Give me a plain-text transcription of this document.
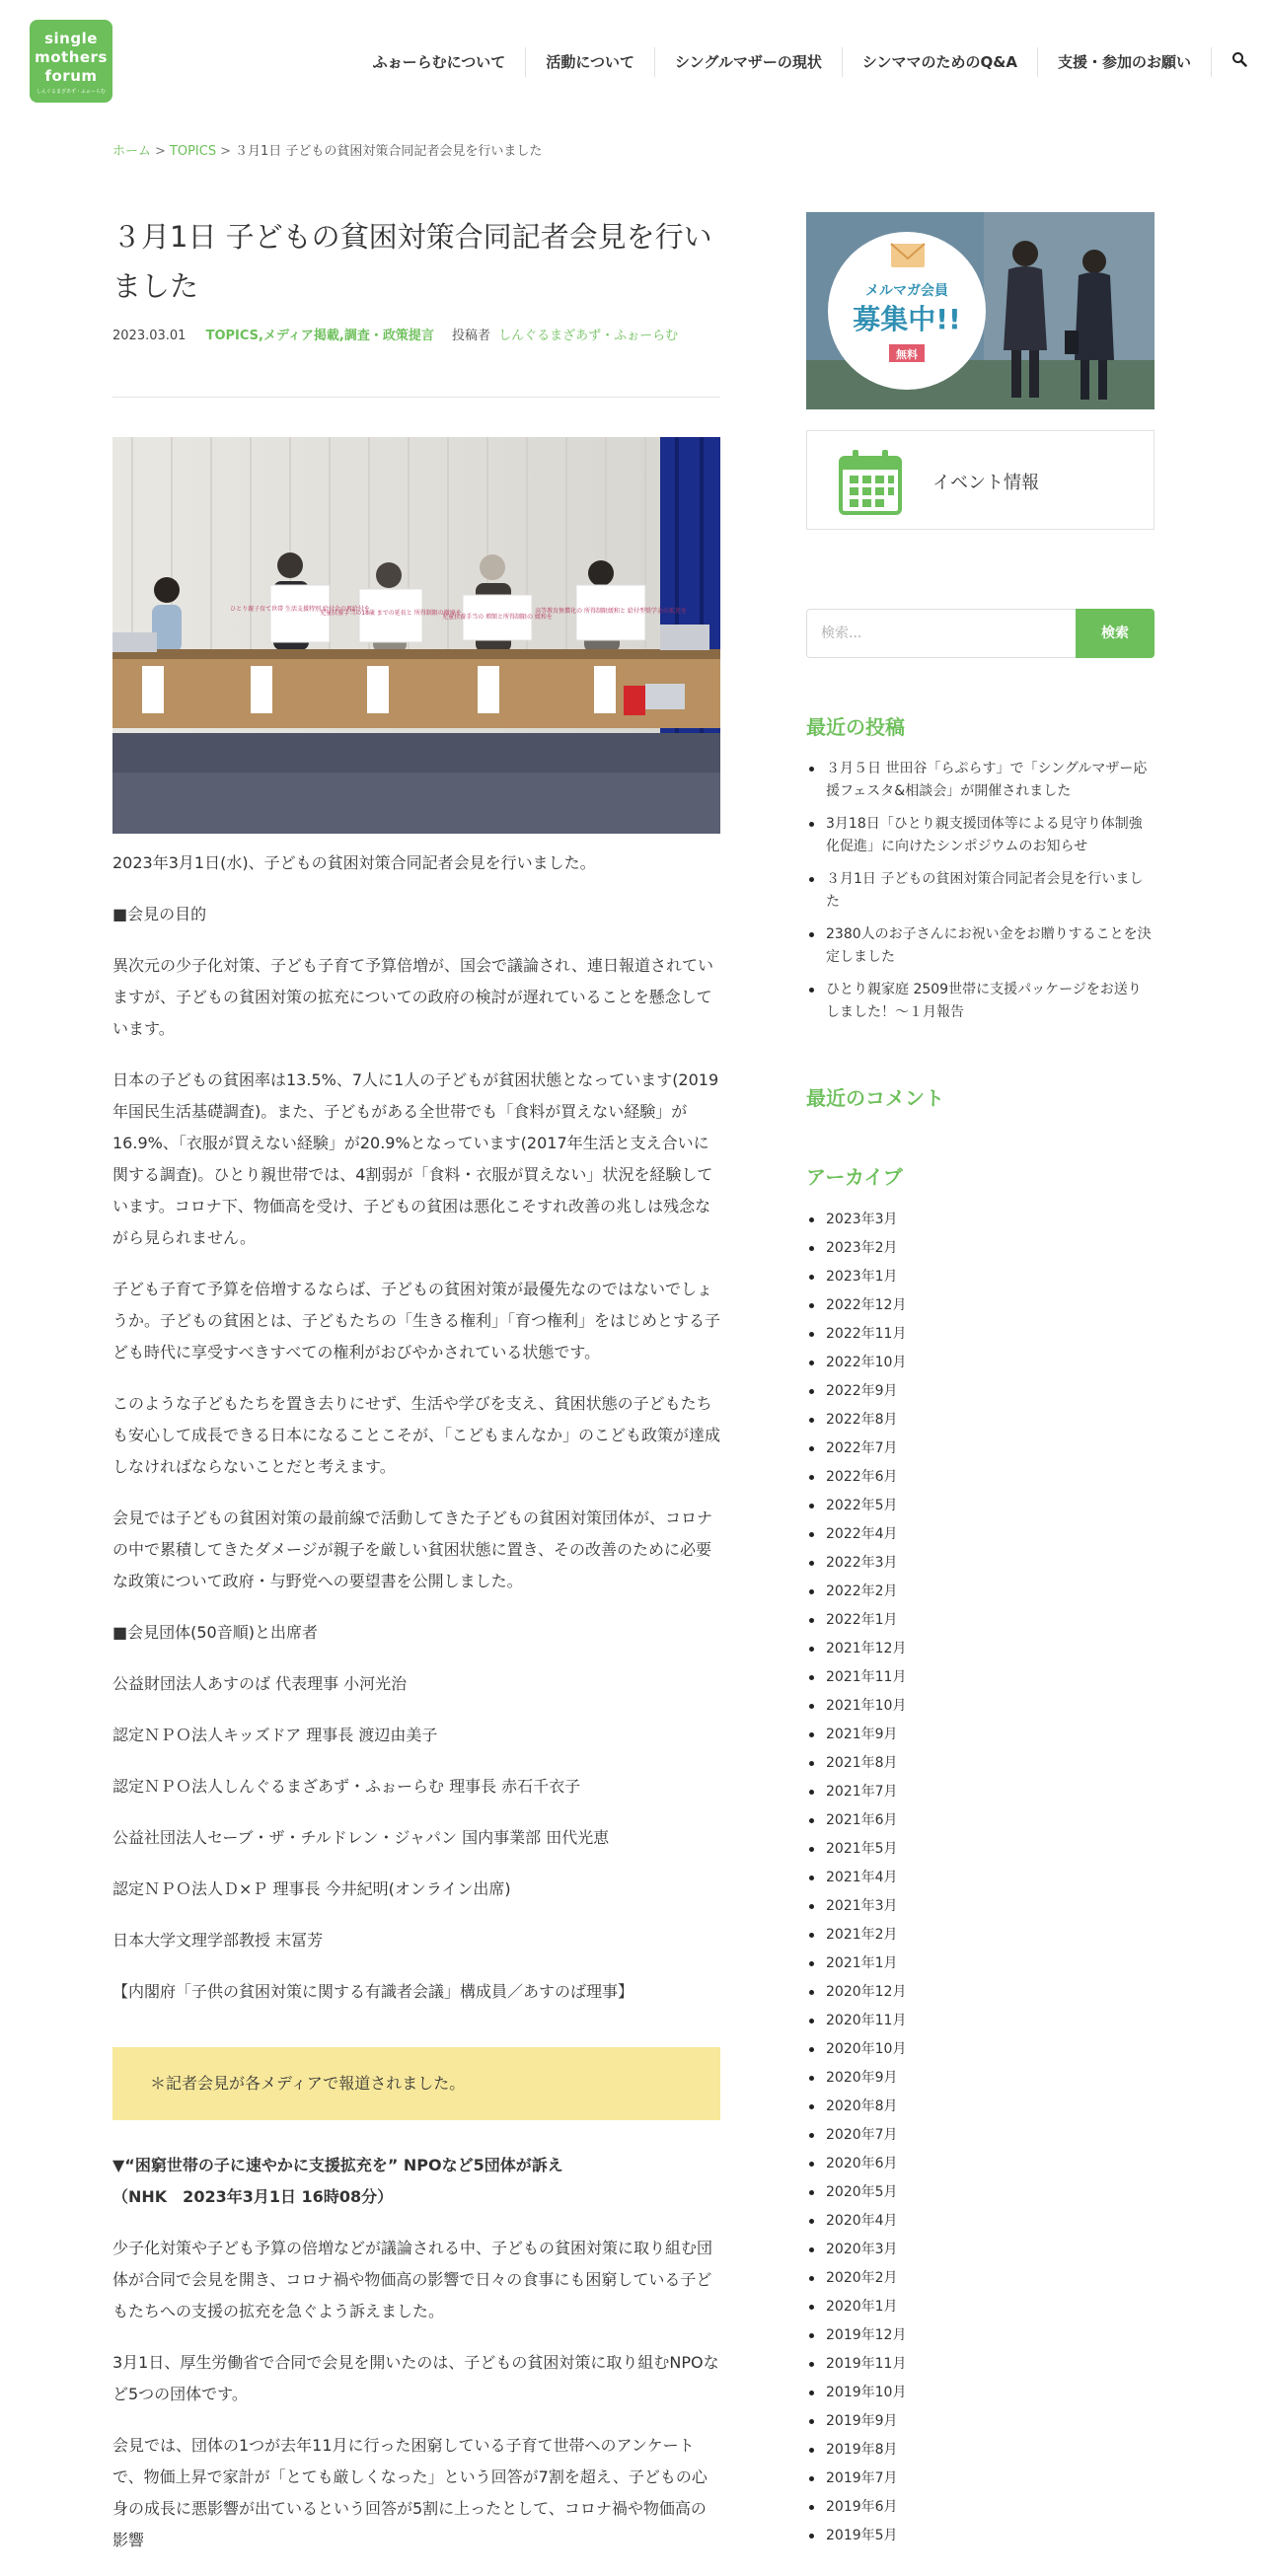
single
mothers
forum
しんぐるまざあず・ふぉーらむ
ふぉーらむについて	活動について	シングルマザーの現状	シンママのためのQ&A	支援・参加のお願い
ホーム > TOPICS > ３月1日 子どもの貧困対策合同記者会見を行いました
３月1日 子どもの貧困対策合同記者会見を行いました
2023.03.01 TOPICS,メディア掲載,調査・政策提言 投稿者 しんぐるまざあず・ふぉーらむ
ひとり親子育て世帯 生活支援特別 給付金の再給付を
児童扶養手当の18歳 までの延長と 所得制限の撤廃を
児童扶養手当の 増額と所得制限の 緩和を
高等教育無償化の 所得制限緩和と 給付型奨学金の拡充を

2023年3月1日(水)、子どもの貧困対策合同記者会見を行いました。

■会見の目的

異次元の少子化対策、子ども子育て予算倍増が、国会で議論され、連日報道されていますが、子どもの貧困対策の拡充についての政府の検討が遅れていることを懸念しています。

日本の子どもの貧困率は13.5%、7人に1人の子どもが貧困状態となっています(2019年国民生活基礎調査)。また、子どもがある全世帯でも「食料が買えない経験」が16.9%、「衣服が買えない経験」が20.9%となっています(2017年生活と支え合いに関する調査)。ひとり親世帯では、4割弱が「食料・衣服が買えない」状況を経験しています。コロナ下、物価高を受け、子どもの貧困は悪化こそすれ改善の兆しは残念ながら見られません。

子ども子育て予算を倍増するならば、子どもの貧困対策が最優先なのではないでしょうか。子どもの貧困とは、子どもたちの「生きる権利」「育つ権利」をはじめとする子ども時代に享受すべきすべての権利がおびやかされている状態です。

このような子どもたちを置き去りにせず、生活や学びを支え、貧困状態の子どもたちも安心して成長できる日本になることこそが、「こどもまんなか」のこども政策が達成しなければならないことだと考えます。

会見では子どもの貧困対策の最前線で活動してきた子どもの貧困対策団体が、コロナの中で累積してきたダメージが親子を厳しい貧困状態に置き、その改善のために必要な政策について政府・与野党への要望書を公開しました。

■会見団体(50音順)と出席者

公益財団法人あすのば 代表理事 小河光治

認定ＮＰＯ法人キッズドア 理事長 渡辺由美子

認定ＮＰＯ法人しんぐるまざあず・ふぉーらむ 理事長 赤石千衣子

公益社団法人セーブ・ザ・チルドレン・ジャパン 国内事業部 田代光恵

認定ＮＰＯ法人Ｄ×Ｐ 理事長 今井紀明(オンライン出席)

日本大学文理学部教授 末冨芳

【内閣府「子供の貧困対策に関する有識者会議」構成員／あすのば理事】

＊記者会見が各メディアで報道されました。
▼“困窮世帯の子に速やかに支援拡充を” NPOなど5団体が訴え
（NHK　2023年3月1日 16時08分）

少子化対策や子ども予算の倍増などが議論される中、子どもの貧困対策に取り組む団体が合同で会見を開き、コロナ禍や物価高の影響で日々の食事にも困窮している子どもたちへの支援の拡充を急ぐよう訴えました。

3月1日、厚生労働省で合同で会見を開いたのは、子どもの貧困対策に取り組むNPOなど5つの団体です。

会見では、団体の1つが去年11月に行った困窮している子育て世帯へのアンケートで、物価上昇で家計が「とても厳しくなった」という回答が7割を超え、子どもの心身の成長に悪影響が出ているという回答が5割に上ったとして、コロナ禍や物価高の影響

メルマガ会員
募集中!!
無料
イベント情報
検索...	検索
最近の投稿
３月５日 世田谷「らぷらす」で「シングルマザー応援フェスタ&相談会」が開催されました
3月18日「ひとり親支援団体等による見守り体制強化促進」に向けたシンポジウムのお知らせ
３月1日 子どもの貧困対策合同記者会見を行いました
2380人のお子さんにお祝い金をお贈りすることを決定しました
ひとり親家庭 2509世帯に支援パッケージをお送りしました！～１月報告
最近のコメント
アーカイブ
2023年3月
2023年2月
2023年1月
2022年12月
2022年11月
2022年10月
2022年9月
2022年8月
2022年7月
2022年6月
2022年5月
2022年4月
2022年3月
2022年2月
2022年1月
2021年12月
2021年11月
2021年10月
2021年9月
2021年8月
2021年7月
2021年6月
2021年5月
2021年4月
2021年3月
2021年2月
2021年1月
2020年12月
2020年11月
2020年10月
2020年9月
2020年8月
2020年7月
2020年6月
2020年5月
2020年4月
2020年3月
2020年2月
2020年1月
2019年12月
2019年11月
2019年10月
2019年9月
2019年8月
2019年7月
2019年6月
2019年5月
